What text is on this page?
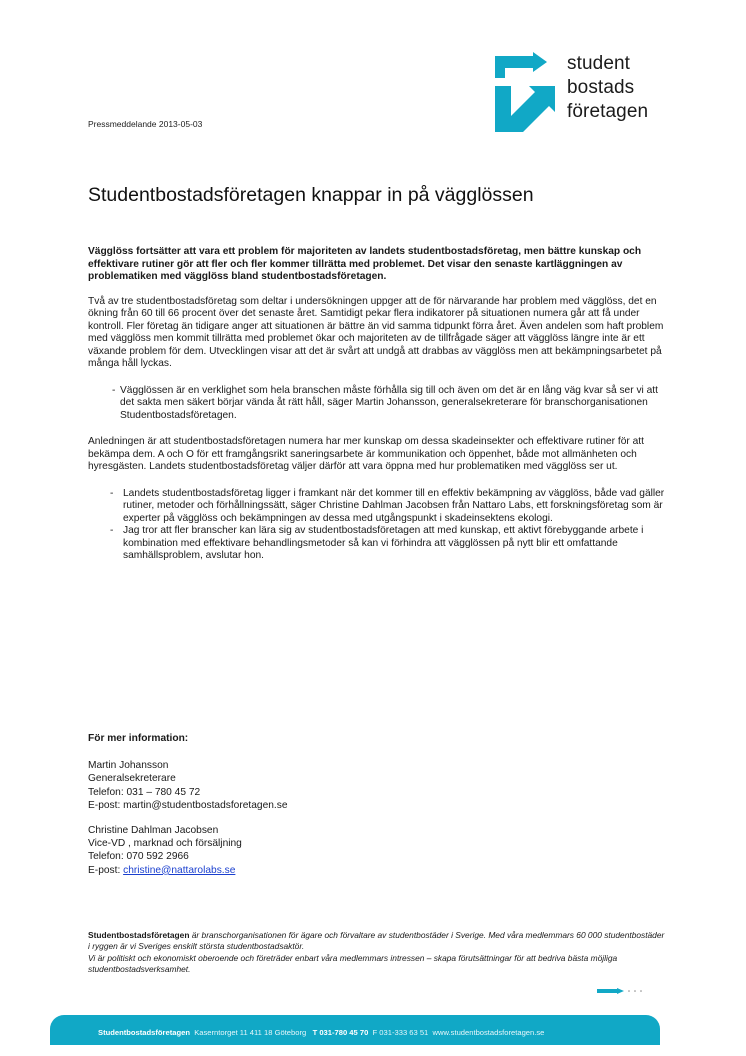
student
bostads
företagen
Pressmeddelande 2013-05-03
Studentbostadsföretagen knappar in på vägglössen

Vägglöss fortsätter att vara ett problem för majoriteten av landets studentbostadsföretag, men bättre kunskap och effektivare rutiner gör att fler och fler kommer tillrätta med problemet. Det visar den senaste kartläggningen av problematiken med vägglöss bland studentbostadsföretagen.

Två av tre studentbostadsföretag som deltar i undersökningen uppger att de för närvarande har problem med vägglöss, det en ökning från 60 till 66 procent över det senaste året. Samtidigt pekar flera indikatorer på situationen numera går att få under kontroll. Fler företag än tidigare anger att situationen är bättre än vid samma tidpunkt förra året. Även andelen som haft problem med vägglöss men kommit tillrätta med problemet ökar och majoriteten av de tillfrågade säger att vägglöss längre inte är ett växande problem för dem. Utvecklingen visar att det är svårt att undgå att drabbas av vägglöss men att bekämpningsarbetet på många håll lyckas.

- Vägglössen är en verklighet som hela branschen måste förhålla sig till och även om det är en lång väg kvar så ser vi att det sakta men säkert börjar vända åt rätt håll, säger Martin Johansson, generalsekreterare för branschorganisationen Studentbostadsföretagen.

Anledningen är att studentbostadsföretagen numera har mer kunskap om dessa skadeinsekter och effektivare rutiner för att bekämpa dem. A och O för ett framgångsrikt saneringsarbete är kommunikation och öppenhet, både mot allmänheten och hyresgästen. Landets studentbostadsföretag väljer därför att vara öppna med hur problematiken med vägglöss ser ut.

- Landets studentbostadsföretag ligger i framkant när det kommer till en effektiv bekämpning av vägglöss, både vad gäller rutiner, metoder och förhållningssätt, säger Christine Dahlman Jacobsen från Nattaro Labs, ett forskningsföretag som är experter på vägglöss och bekämpningen av dessa med utgångspunkt i skadeinsektens ekologi.
- Jag tror att fler branscher kan lära sig av studentbostadsföretagen att med kunskap, ett aktivt förebyggande arbete i kombination med effektivare behandlingsmetoder så kan vi förhindra att vägglössen på nytt blir ett omfattande samhällsproblem, avslutar hon.
För mer information:
Martin Johansson
Generalsekreterare
Telefon: 031 – 780 45 72
E-post: martin@studentbostadsforetagen.se
Christine Dahlman Jacobsen
Vice-VD , marknad och försäljning
Telefon: 070 592 2966
E-post: christine@nattarolabs.se
Studentbostadsföretagen är branschorganisationen för ägare och förvaltare av studentbostäder i Sverige. Med våra medlemmars 60 000 studentbostäder i ryggen är vi Sveriges enskilt största studentbostadsaktör.
Vi är politiskt och ekonomiskt oberoende och företräder enbart våra medlemmars intressen – skapa förutsättningar för att bedriva bästa möjliga studentbostadsverksamhet.
Studentbostadsföretagen Kaserntorget 11 411 18 Göteborg T 031-780 45 70 F 031-333 63 51 www.studentbostadsforetagen.se
